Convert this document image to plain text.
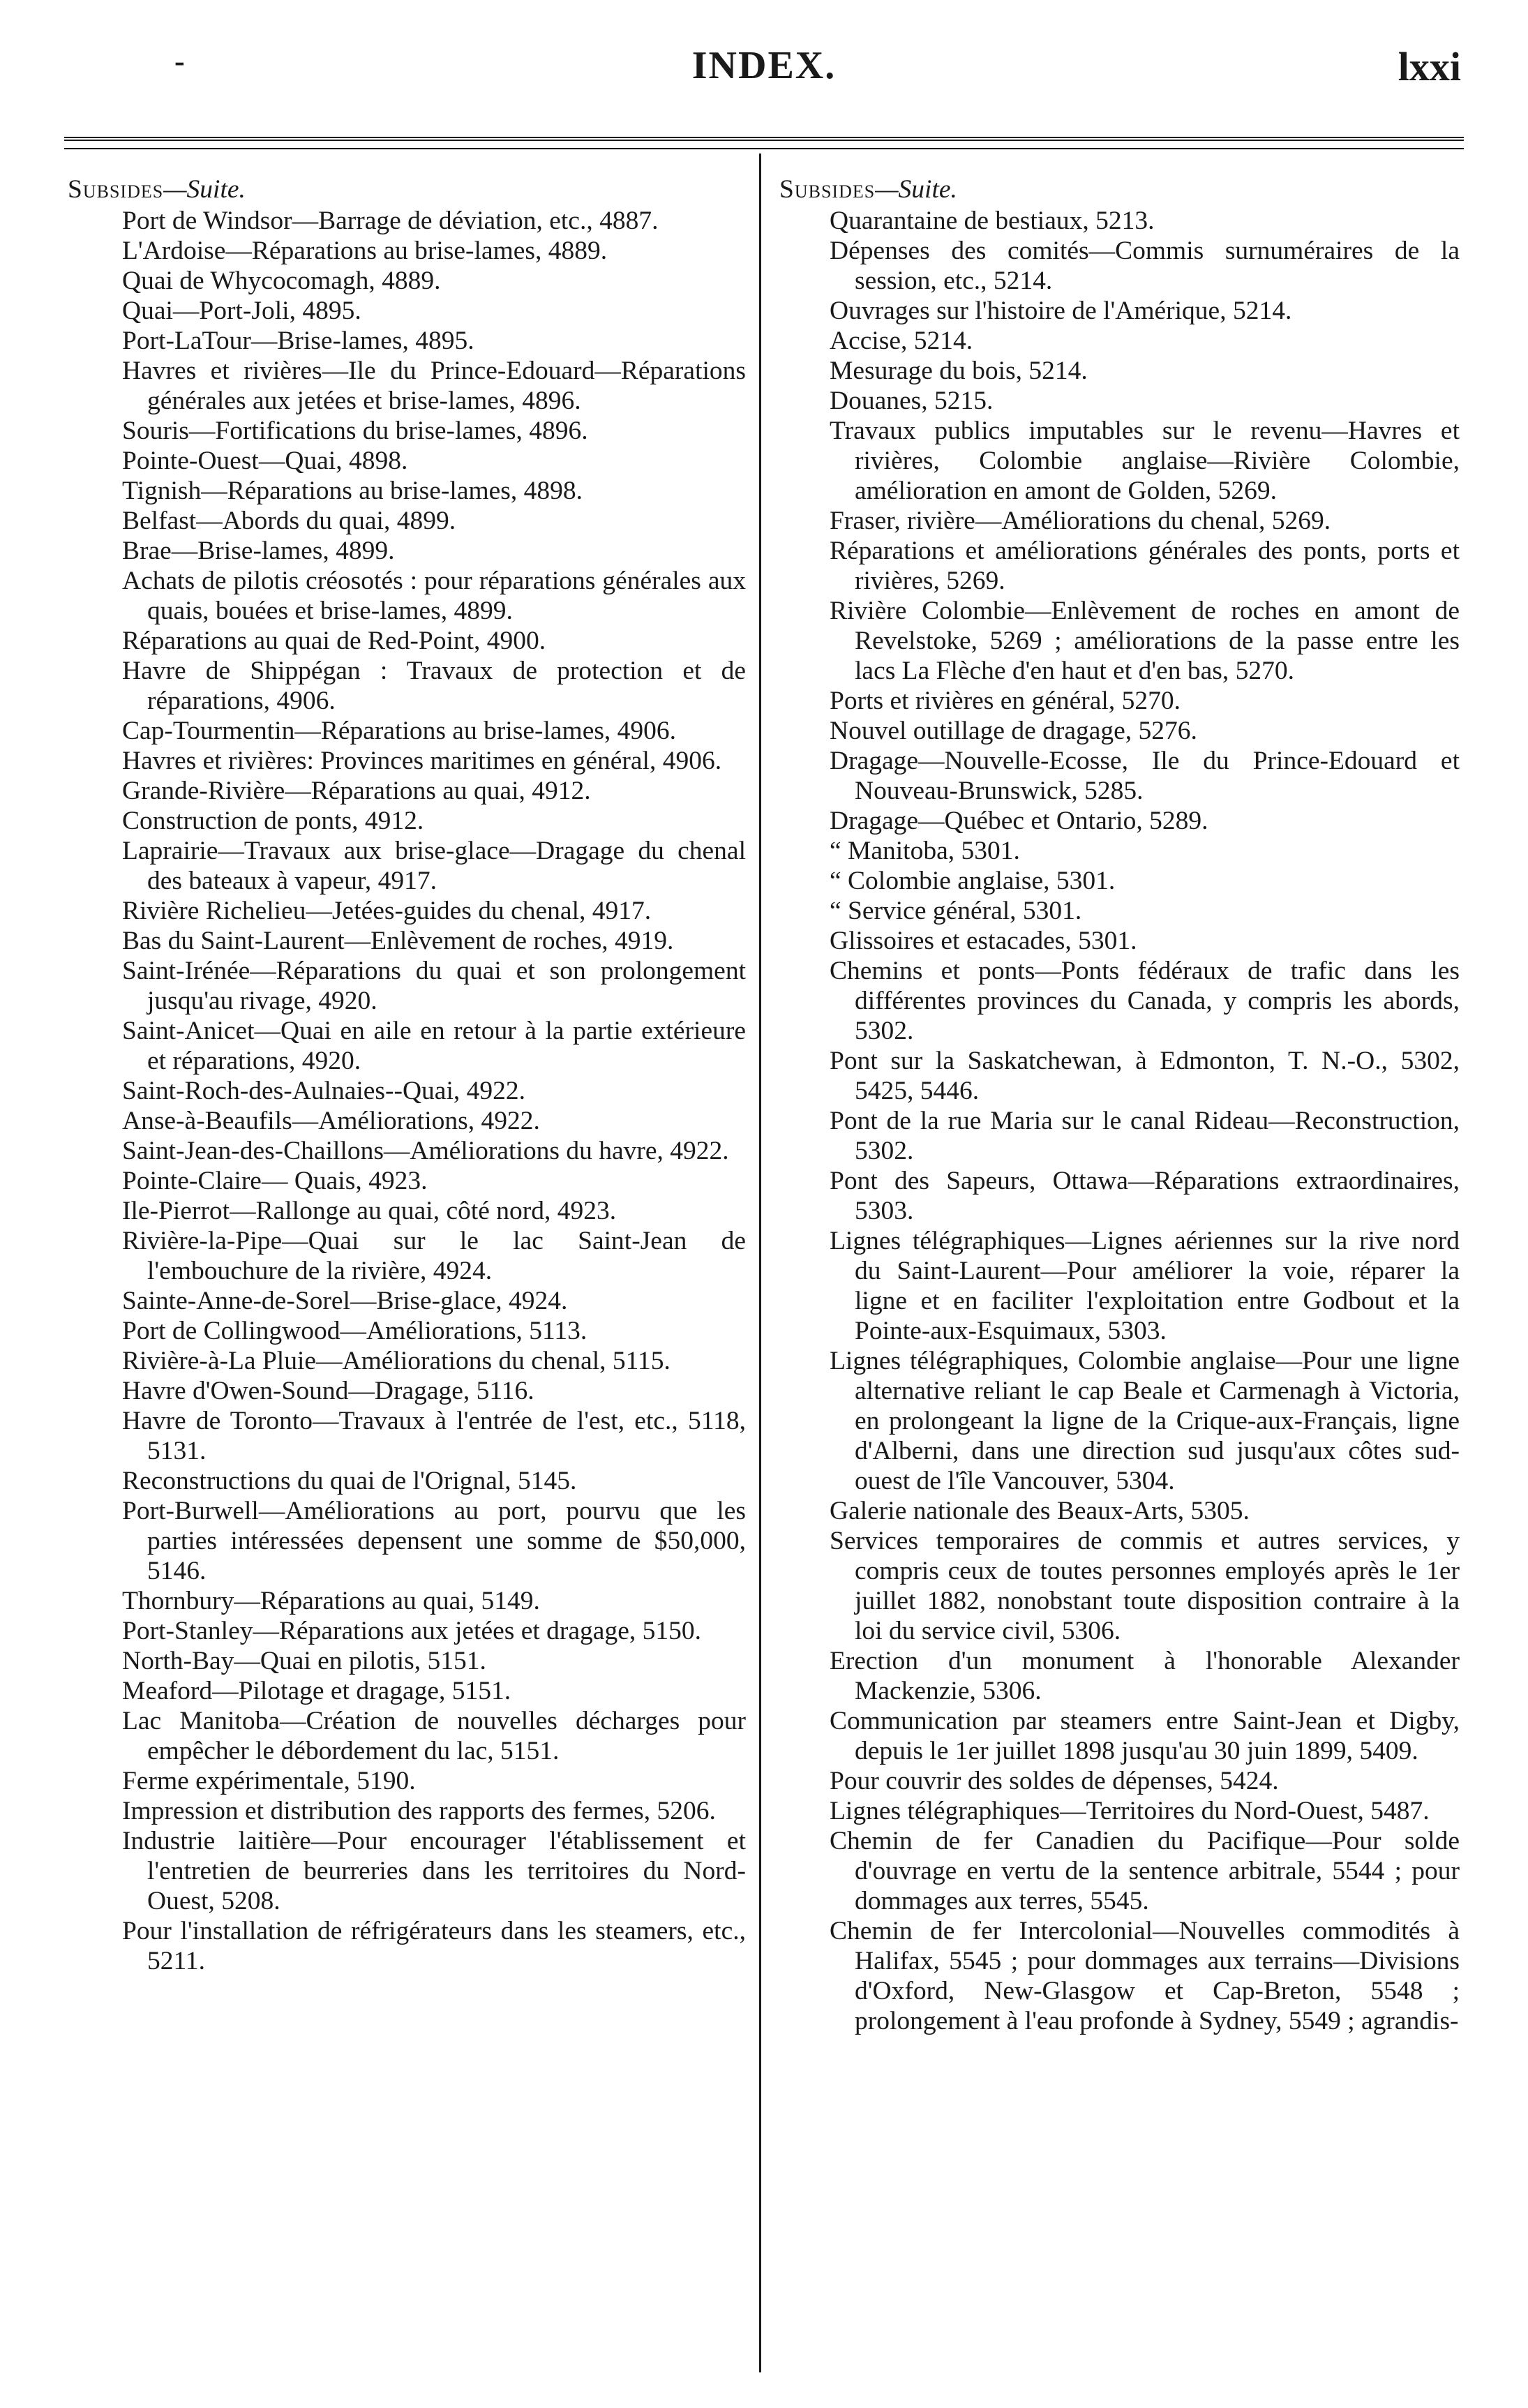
-	INDEX.	lxxi
Subsides—Suite.
Port de Windsor—Barrage de déviation, etc., 4887.
L'Ardoise—Réparations au brise-lames, 4889.
Quai de Whycocomagh, 4889.
Quai—Port-Joli, 4895.
Port-LaTour—Brise-lames, 4895.
Havres et rivières—Ile du Prince-Edouard—Réparations générales aux jetées et brise-lames, 4896.
Souris—Fortifications du brise-lames, 4896.
Pointe-Ouest—Quai, 4898.
Tignish—Réparations au brise-lames, 4898.
Belfast—Abords du quai, 4899.
Brae—Brise-lames, 4899.
Achats de pilotis créosotés : pour réparations générales aux quais, bouées et brise-lames, 4899.
Réparations au quai de Red-Point, 4900.
Havre de Shippégan : Travaux de protection et de réparations, 4906.
Cap-Tourmentin—Réparations au brise-lames, 4906.
Havres et rivières: Provinces maritimes en général, 4906.
Grande-Rivière—Réparations au quai, 4912.
Construction de ponts, 4912.
Laprairie—Travaux aux brise-glace—Dragage du chenal des bateaux à vapeur, 4917.
Rivière Richelieu—Jetées-guides du chenal, 4917.
Bas du Saint-Laurent—Enlèvement de roches, 4919.
Saint-Irénée—Réparations du quai et son prolongement jusqu'au rivage, 4920.
Saint-Anicet—Quai en aile en retour à la partie extérieure et réparations, 4920.
Saint-Roch-des-Aulnaies--Quai, 4922.
Anse-à-Beaufils—Améliorations, 4922.
Saint-Jean-des-Chaillons—Améliorations du havre, 4922.
Pointe-Claire— Quais, 4923.
Ile-Pierrot—Rallonge au quai, côté nord, 4923.
Rivière-la-Pipe—Quai sur le lac Saint-Jean de l'embouchure de la rivière, 4924.
Sainte-Anne-de-Sorel—Brise-glace, 4924.
Port de Collingwood—Améliorations, 5113.
Rivière-à-La Pluie—Améliorations du chenal, 5115.
Havre d'Owen-Sound—Dragage, 5116.
Havre de Toronto—Travaux à l'entrée de l'est, etc., 5118, 5131.
Reconstructions du quai de l'Orignal, 5145.
Port-Burwell—Améliorations au port, pourvu que les parties intéressées depensent une somme de $50,000, 5146.
Thornbury—Réparations au quai, 5149.
Port-Stanley—Réparations aux jetées et dragage, 5150.
North-Bay—Quai en pilotis, 5151.
Meaford—Pilotage et dragage, 5151.
Lac Manitoba—Création de nouvelles décharges pour empêcher le débordement du lac, 5151.
Ferme expérimentale, 5190.
Impression et distribution des rapports des fermes, 5206.
Industrie laitière—Pour encourager l'établissement et l'entretien de beurreries dans les territoires du Nord-Ouest, 5208.
Pour l'installation de réfrigérateurs dans les steamers, etc., 5211.
Subsides—Suite.
Quarantaine de bestiaux, 5213.
Dépenses des comités—Commis surnuméraires de la session, etc., 5214.
Ouvrages sur l'histoire de l'Amérique, 5214.
Accise, 5214.
Mesurage du bois, 5214.
Douanes, 5215.
Travaux publics imputables sur le revenu—Havres et rivières, Colombie anglaise—Rivière Colombie, amélioration en amont de Golden, 5269.
Fraser, rivière—Améliorations du chenal, 5269.
Réparations et améliorations générales des ponts, ports et rivières, 5269.
Rivière Colombie—Enlèvement de roches en amont de Revelstoke, 5269 ; améliorations de la passe entre les lacs La Flèche d'en haut et d'en bas, 5270.
Ports et rivières en général, 5270.
Nouvel outillage de dragage, 5276.
Dragage—Nouvelle-Ecosse, Ile du Prince-Edouard et Nouveau-Brunswick, 5285.
Dragage—Québec et Ontario, 5289.
“ Manitoba, 5301.
“ Colombie anglaise, 5301.
“ Service général, 5301.
Glissoires et estacades, 5301.
Chemins et ponts—Ponts fédéraux de trafic dans les différentes provinces du Canada, y compris les abords, 5302.
Pont sur la Saskatchewan, à Edmonton, T. N.-O., 5302, 5425, 5446.
Pont de la rue Maria sur le canal Rideau—Reconstruction, 5302.
Pont des Sapeurs, Ottawa—Réparations extraordinaires, 5303.
Lignes télégraphiques—Lignes aériennes sur la rive nord du Saint-Laurent—Pour améliorer la voie, réparer la ligne et en faciliter l'exploitation entre Godbout et la Pointe-aux-Esquimaux, 5303.
Lignes télégraphiques, Colombie anglaise—Pour une ligne alternative reliant le cap Beale et Carmenagh à Victoria, en prolongeant la ligne de la Crique-aux-Français, ligne d'Alberni, dans une direction sud jusqu'aux côtes sud-ouest de l'île Vancouver, 5304.
Galerie nationale des Beaux-Arts, 5305.
Services temporaires de commis et autres services, y compris ceux de toutes personnes employés après le 1er juillet 1882, nonobstant toute disposition contraire à la loi du service civil, 5306.
Erection d'un monument à l'honorable Alexander Mackenzie, 5306.
Communication par steamers entre Saint-Jean et Digby, depuis le 1er juillet 1898 jusqu'au 30 juin 1899, 5409.
Pour couvrir des soldes de dépenses, 5424.
Lignes télégraphiques—Territoires du Nord-Ouest, 5487.
Chemin de fer Canadien du Pacifique—Pour solde d'ouvrage en vertu de la sentence arbitrale, 5544 ; pour dommages aux terres, 5545.
Chemin de fer Intercolonial—Nouvelles commodités à Halifax, 5545 ; pour dommages aux terrains—Divisions d'Oxford, New-Glasgow et Cap-Breton, 5548 ; prolongement à l'eau profonde à Sydney, 5549 ; agrandis-
